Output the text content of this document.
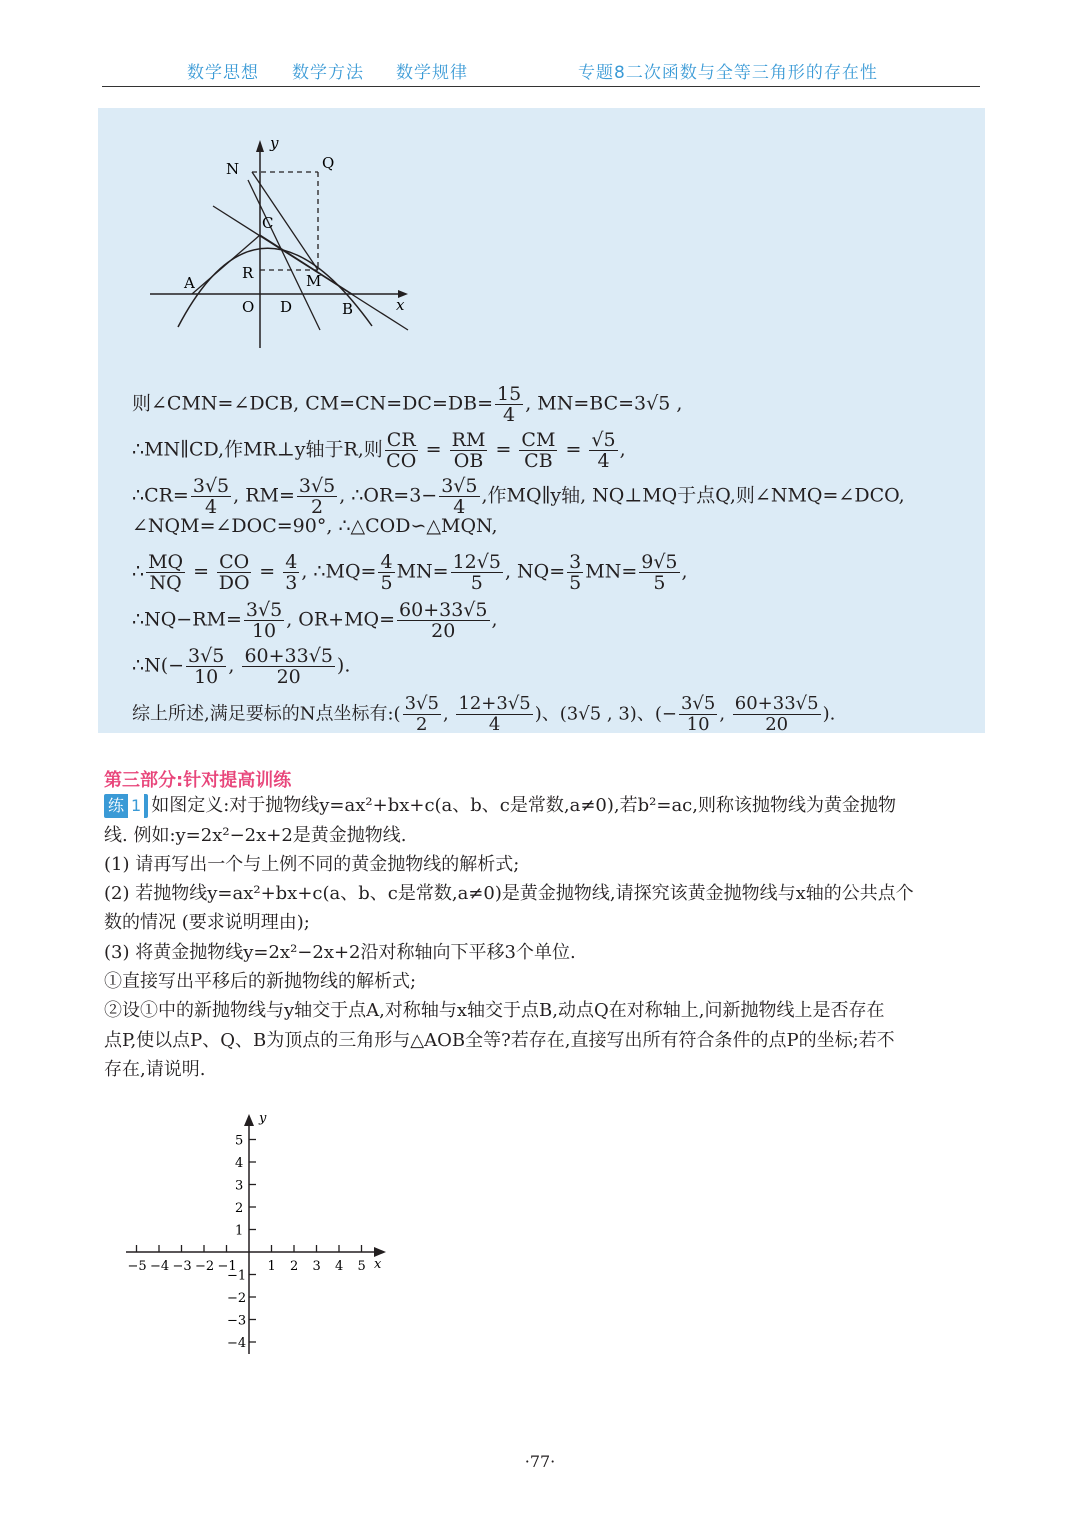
数学思想 数学方法 数学规律	专题8二次函数与全等三角形的存在性
y
x
N	Q
C
A
R	M
O D	B
则∠CMN=∠DCB, $CM=CN=DC=DB= \frac{15}{4}$ , MN=BC=3√5 ,
∴MN∥CD,作MR⊥y轴于R,则 $\frac{CR}{CO} = \frac{RM}{OB} = \frac{CM}{CB} = \frac{√5}{4}$ ,
∴CR= $\frac{3√5}{4}$ , $RM= \frac{3√5}{2}$ , ∴OR=3− $\frac{3√5}{4}$ ,作MQ∥y轴, NQ⊥MQ于点Q,则∠NMQ=∠DCO,
∠NQM=∠DOC=90°, ∴△COD∽△MQN,
∴ $\frac{MQ}{NQ} = \frac{CO}{DO} = \frac{4}{3}$ , ∴MQ= $\frac{4}{5} MN= \frac{12√5}{5}$ , $NQ= \frac{3}{5} MN= \frac{9√5}{5}$ ,
∴NQ−RM= $\frac{3√5}{10}$ , $OR+MQ= \frac{60+33√5}{20}$ ,
∴N(− $\frac{3√5}{10}$ , $\frac{60+33√5}{20}$ ).
综上所述,满足要标的N点坐标有:( $\frac{3√5}{2}$ , $\frac{12+3√5}{4}$ )、(3√5 , 3)、(− $\frac{3√5}{10}$ , $\frac{60+33√5}{20}$ ).
第三部分:针对提高训练
练 1 如图定义:对于抛物线y=ax²+bx+c(a、b、c是常数,a≠0),若b²=ac,则称该抛物线为黄金抛物
线. 例如:y=2x²−2x+2是黄金抛物线.
(1) 请再写出一个与上例不同的黄金抛物线的解析式;
(2) 若抛物线y=ax²+bx+c(a、b、c是常数,a≠0)是黄金抛物线,请探究该黄金抛物线与x轴的公共点个
数的情况 (要求说明理由);
(3) 将黄金抛物线y=2x²−2x+2沿对称轴向下平移3个单位.
①直接写出平移后的新抛物线的解析式;
②设①中的新抛物线与y轴交于点A,对称轴与x轴交于点B,动点Q在对称轴上,问新抛物线上是否存在
点P,使以点P、Q、B为顶点的三角形与△AOB全等?若存在,直接写出所有符合条件的点P的坐标;若不
存在,请说明.
−5 −4 −3 −2 −1 1 2 3 4 5
5
4
3
2
1
−1
−2
−3
−4
y
x
·77·
